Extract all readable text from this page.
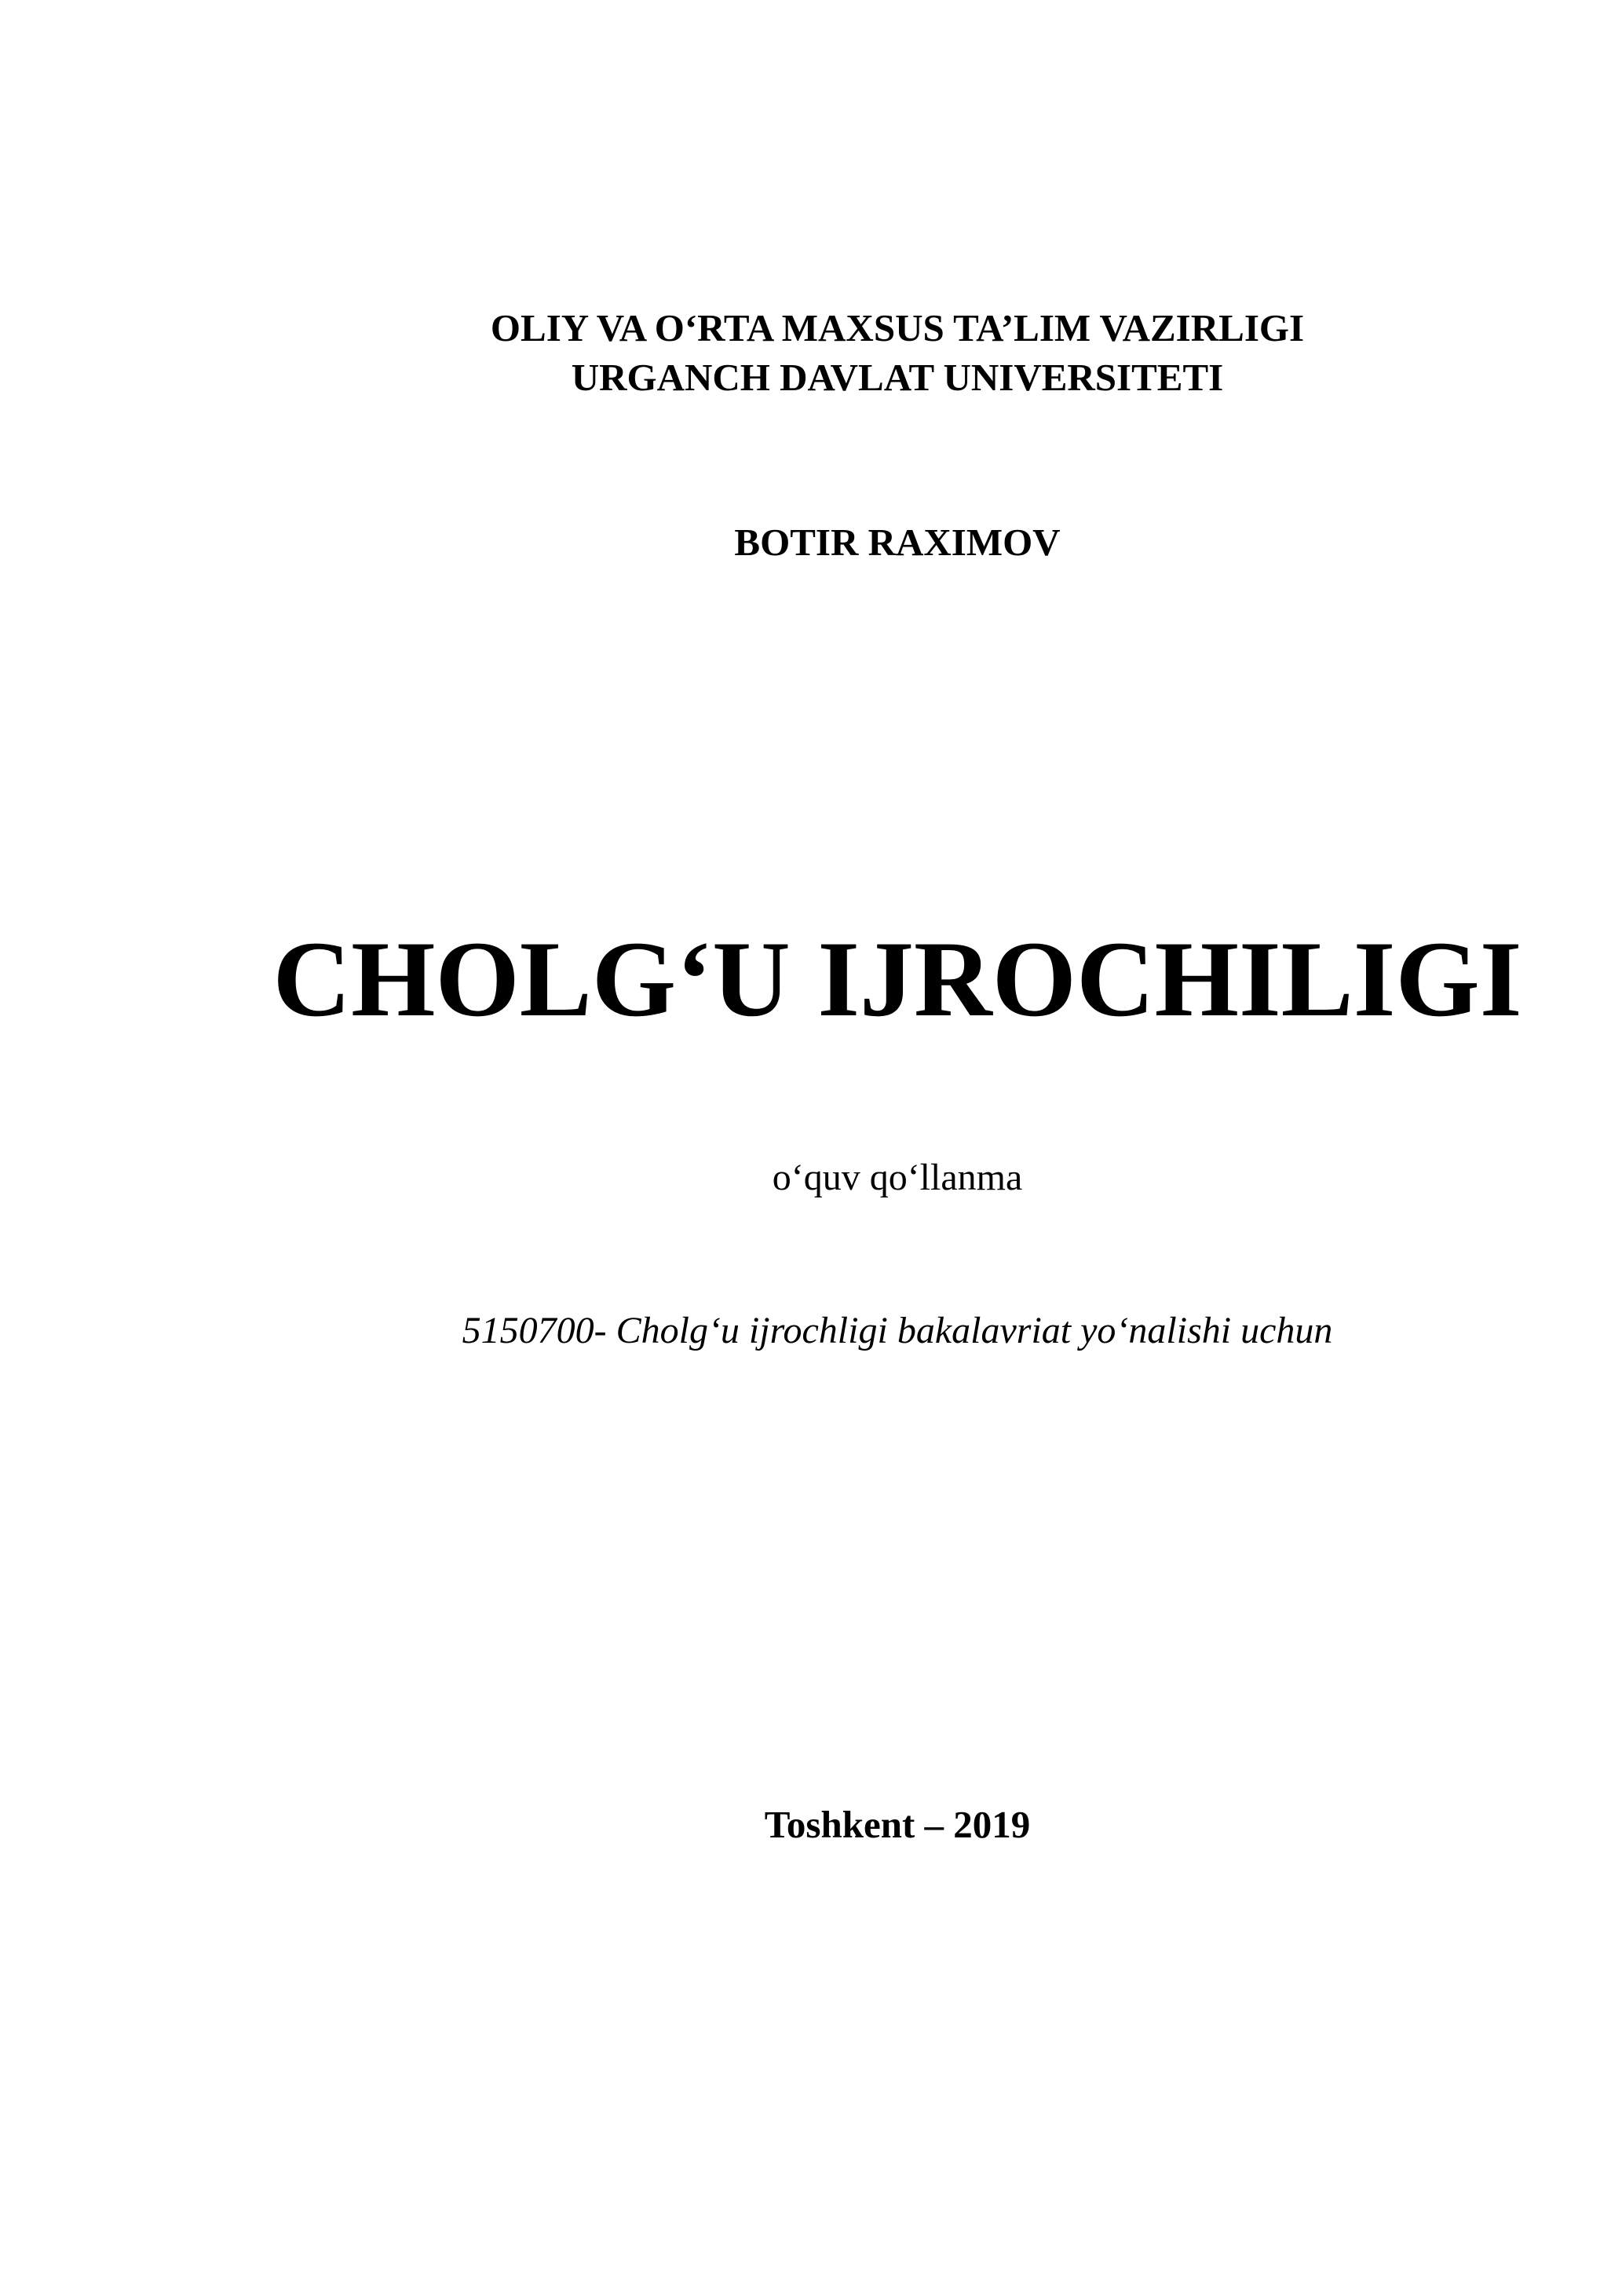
OLIY VA O‘RTA MAXSUS TA’LIM VAZIRLIGI
URGANCH DAVLAT UNIVERSITETI
BOTIR RAXIMOV
CHOLG‘U IJROCHILIGI
o‘quv qo‘llanma
5150700- Cholg‘u ijrochligi bakalavriat yo‘nalishi uchun
Toshkent – 2019
